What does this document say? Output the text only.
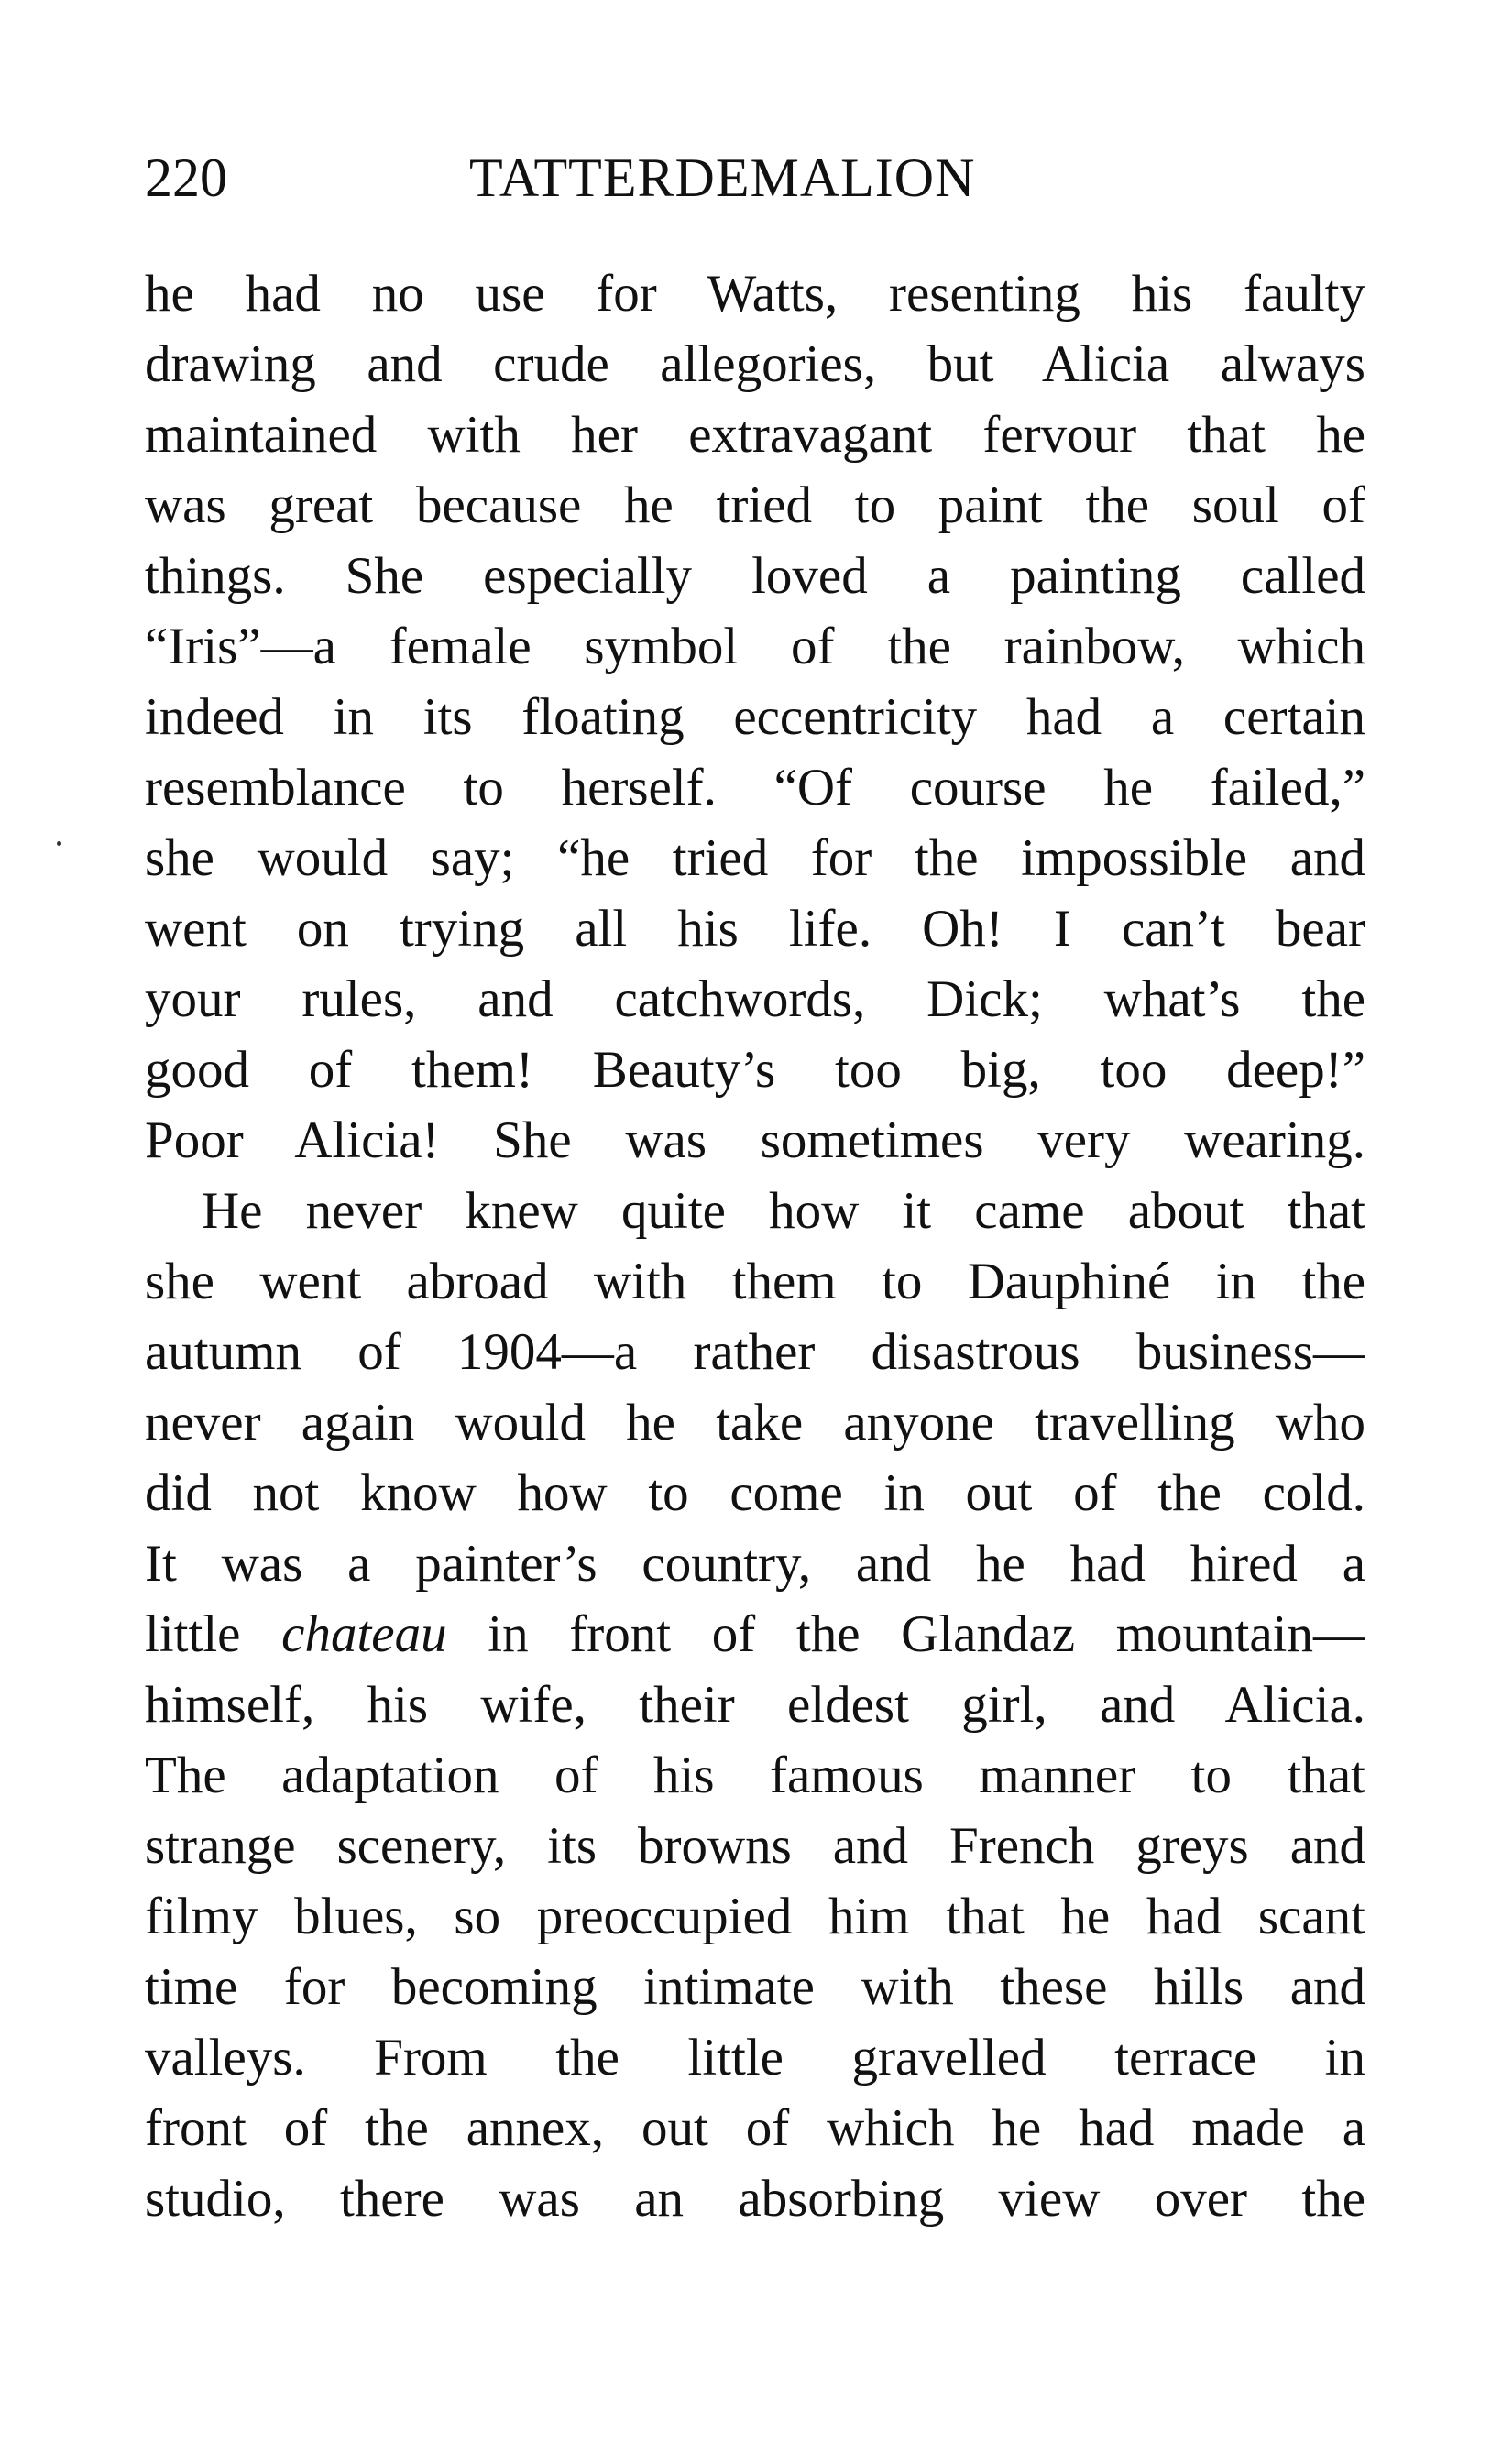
220	TATTERDEMALION
he had no use for Watts, resenting his faulty
drawing and crude allegories, but Alicia always
maintained with her extravagant fervour that he
was great because he tried to paint the soul of
things. She especially loved a painting called
“Iris”—a female symbol of the rainbow, which
indeed in its floating eccentricity had a certain
resemblance to herself. “Of course he failed,”
she would say; “he tried for the impossible and
went on trying all his life. Oh! I can’t bear
your rules, and catchwords, Dick; what’s the
good of them! Beauty’s too big, too deep!”
Poor Alicia! She was sometimes very wearing.
He never knew quite how it came about that
she went abroad with them to Dauphiné in the
autumn of 1904—a rather disastrous business—
never again would he take anyone travelling who
did not know how to come in out of the cold.
It was a painter’s country, and he had hired a
little chateau in front of the Glandaz mountain—
himself, his wife, their eldest girl, and Alicia.
The adaptation of his famous manner to that
strange scenery, its browns and French greys and
filmy blues, so preoccupied him that he had scant
time for becoming intimate with these hills and
valleys. From the little gravelled terrace in
front of the annex, out of which he had made a
studio, there was an absorbing view over the
